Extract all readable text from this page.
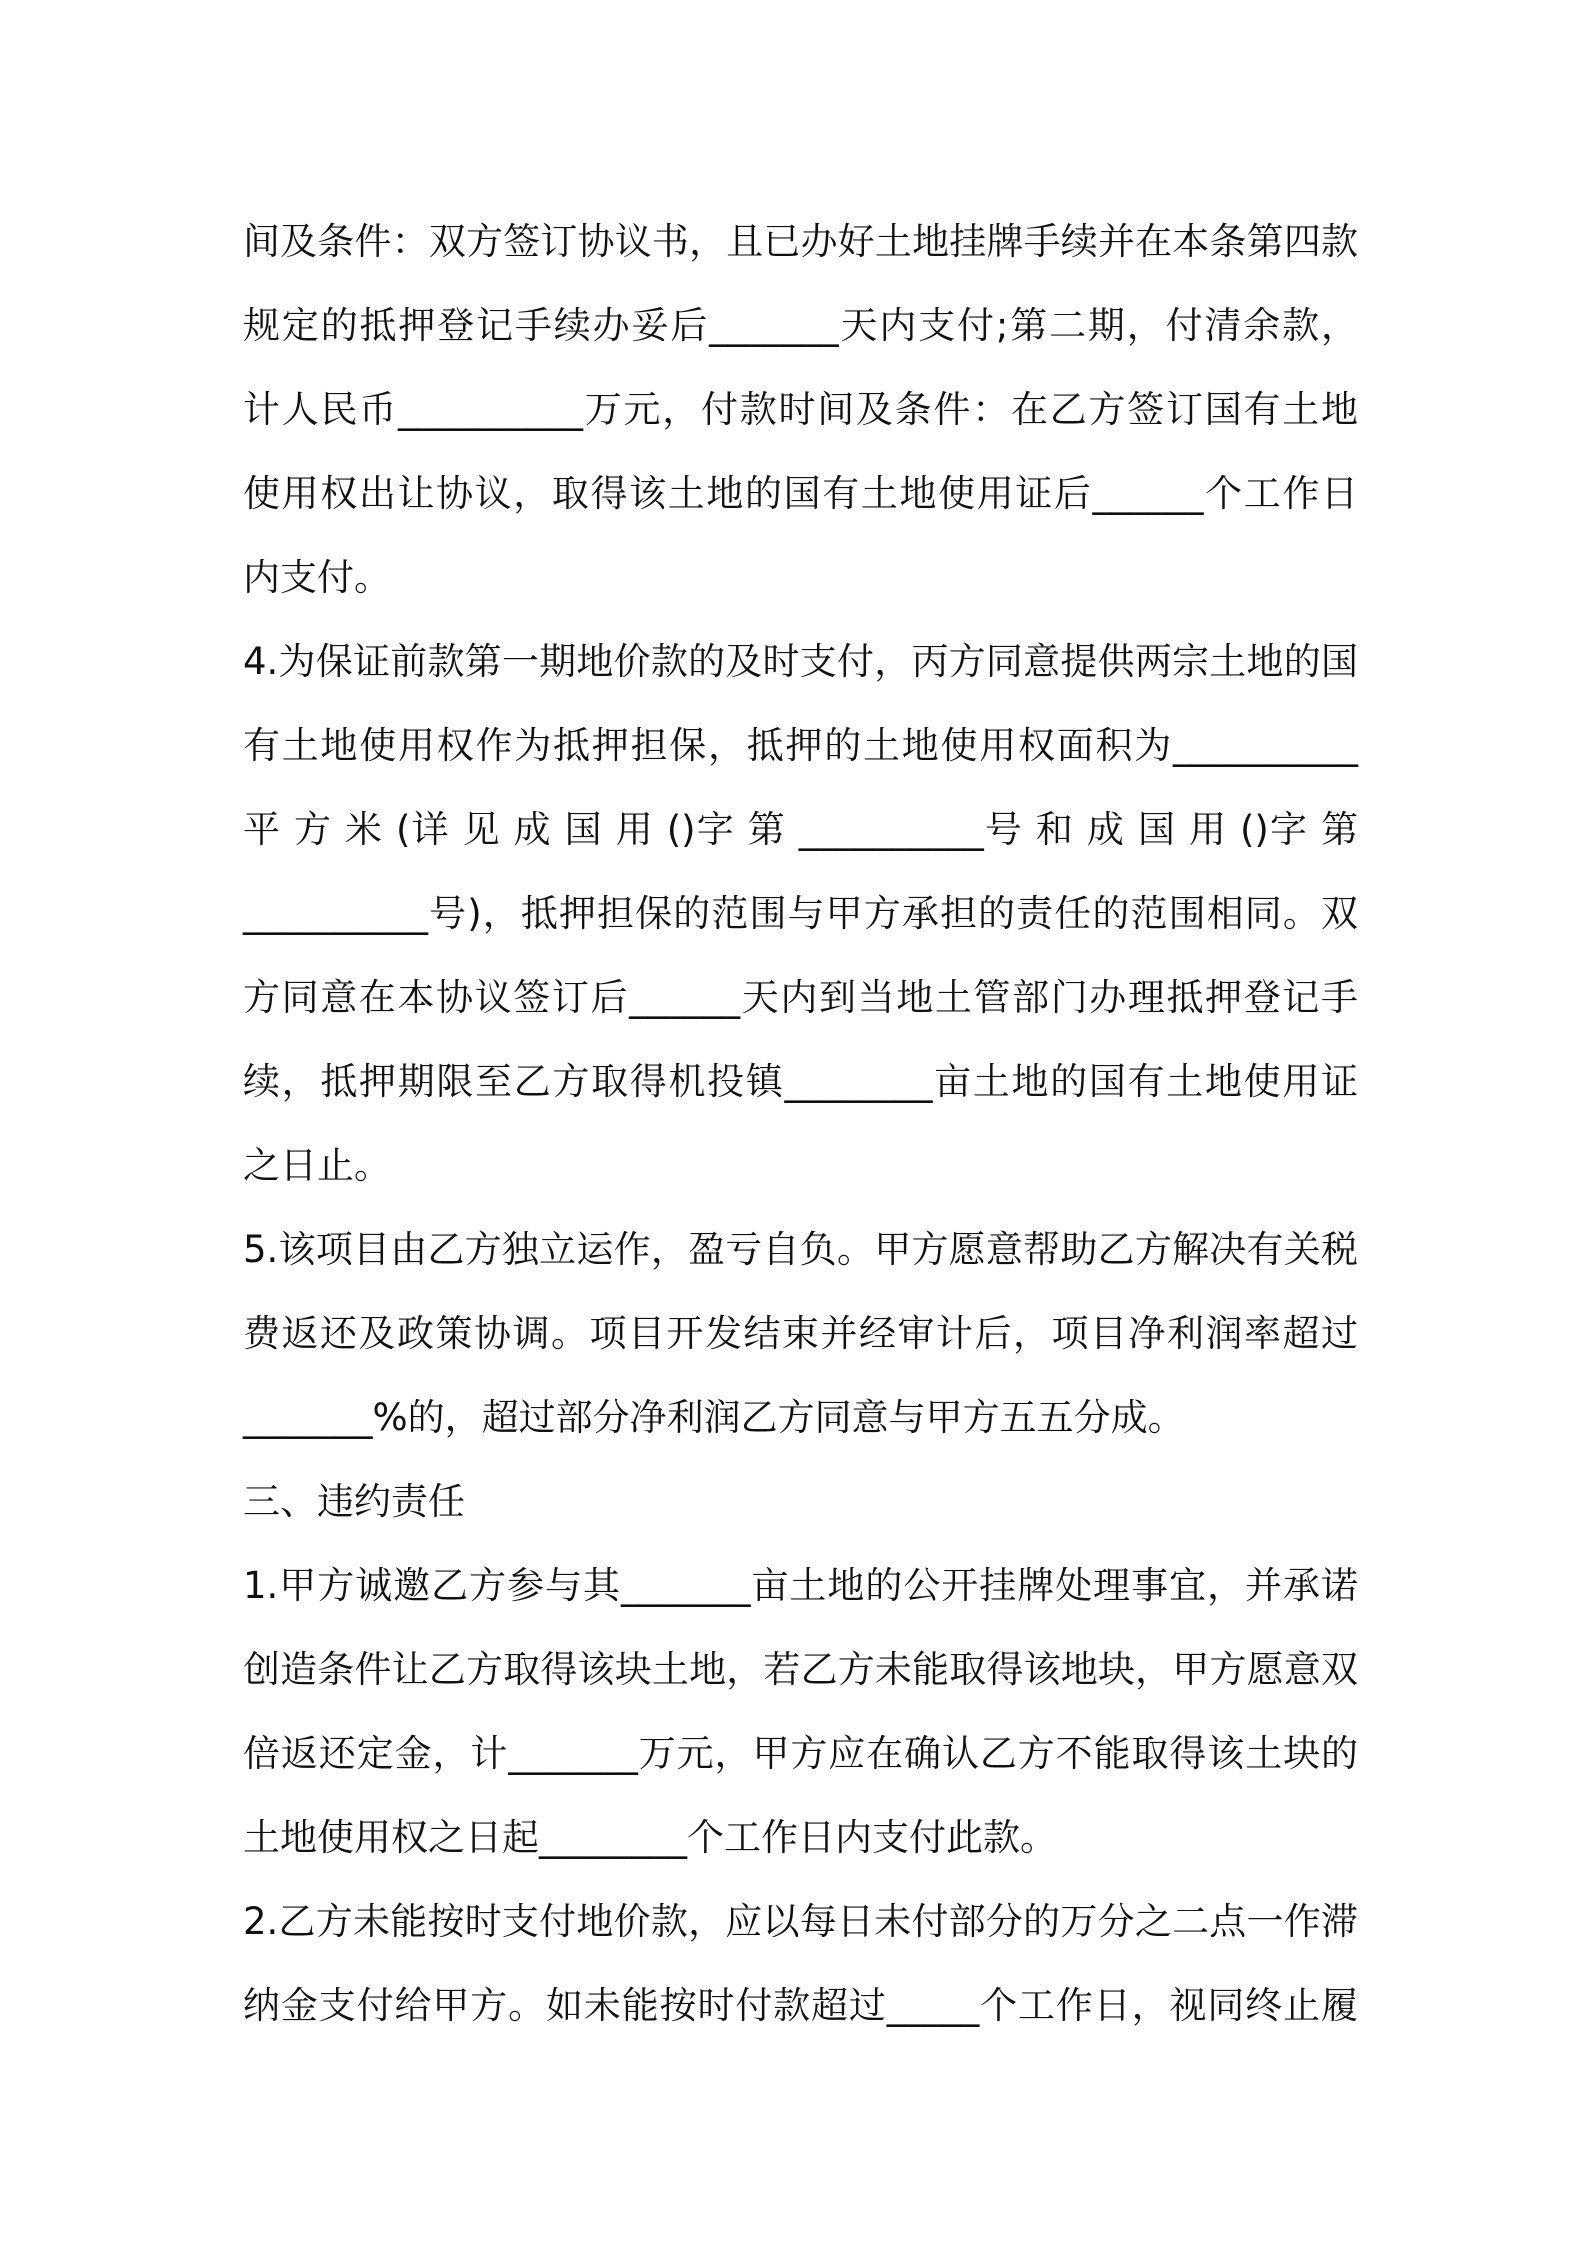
间及条件：双方签订协议书，且已办好土地挂牌手续并在本条第四款
规定的抵押登记手续办妥后_______天内支付;第二期，付清余款，
计人民币__________万元，付款时间及条件：在乙方签订国有土地
使用权出让协议，取得该土地的国有土地使用证后______个工作日
内支付。
4.为保证前款第一期地价款的及时支付，丙方同意提供两宗土地的国
有土地使用权作为抵押担保，抵押的土地使用权面积为__________
平 方 米 (详 见 成 国 用 ()字 第 __________号 和 成 国 用 ()字 第
__________号)，抵押担保的范围与甲方承担的责任的范围相同。双
方同意在本协议签订后______天内到当地土管部门办理抵押登记手
续，抵押期限至乙方取得机投镇________亩土地的国有土地使用证
之日止。
5.该项目由乙方独立运作，盈亏自负。甲方愿意帮助乙方解决有关税
费返还及政策协调。项目开发结束并经审计后，项目净利润率超过
_______%的，超过部分净利润乙方同意与甲方五五分成。
三、违约责任
1.甲方诚邀乙方参与其_______亩土地的公开挂牌处理事宜，并承诺
创造条件让乙方取得该块土地，若乙方未能取得该地块，甲方愿意双
倍返还定金，计_______万元，甲方应在确认乙方不能取得该土块的
土地使用权之日起________个工作日内支付此款。
2.乙方未能按时支付地价款，应以每日未付部分的万分之二点一作滞
纳金支付给甲方。如未能按时付款超过_____个工作日，视同终止履
